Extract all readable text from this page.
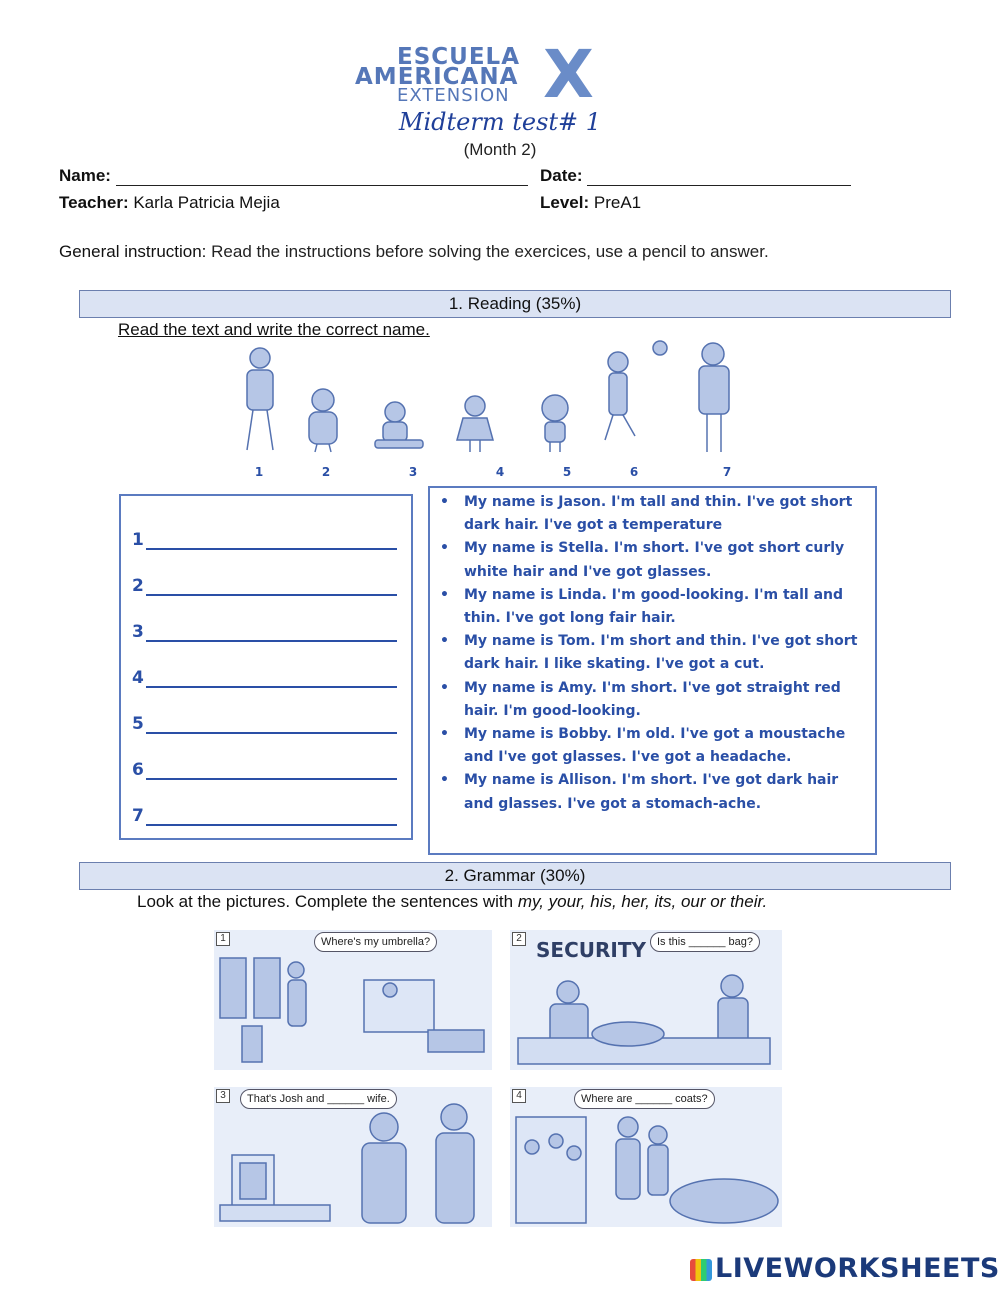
ESCUELA
AMERICANA
EXTENSION X
Midterm test# 1
(Month 2)
Name:	Date:
Teacher: Karla Patricia Mejia	Level: PreA1
General instruction: Read the instructions before solving the exercices, use a pencil to answer.
1. Reading (35%)
Read the text and write the correct name.
1	2	3	4	5	6	7
1
2
3
4
5
6
7
• My name is Jason. I'm tall and thin. I've got short dark hair. I've got a temperature
• My name is Stella. I'm short. I've got short curly white hair and I've got glasses.
• My name is Linda. I'm good-looking. I'm tall and thin. I've got long fair hair.
• My name is Tom. I'm short and thin. I've got short dark hair. I like skating. I've got a cut.
• My name is Amy. I'm short. I've got straight red hair. I'm good-looking.
• My name is Bobby. I'm old. I've got a moustache and I've got glasses. I've got a headache.
• My name is Allison. I'm short. I've got dark hair and glasses. I've got a stomach-ache.
2. Grammar (30%)
Look at the pictures. Complete the sentences with my, your, his, her, its, our or their.
1	Where's my umbrella?	2 SECURITY	Is this ______ bag?
3	That's Josh and ______ wife.	4	Where are ______ coats?
LIVEWORKSHEETS
